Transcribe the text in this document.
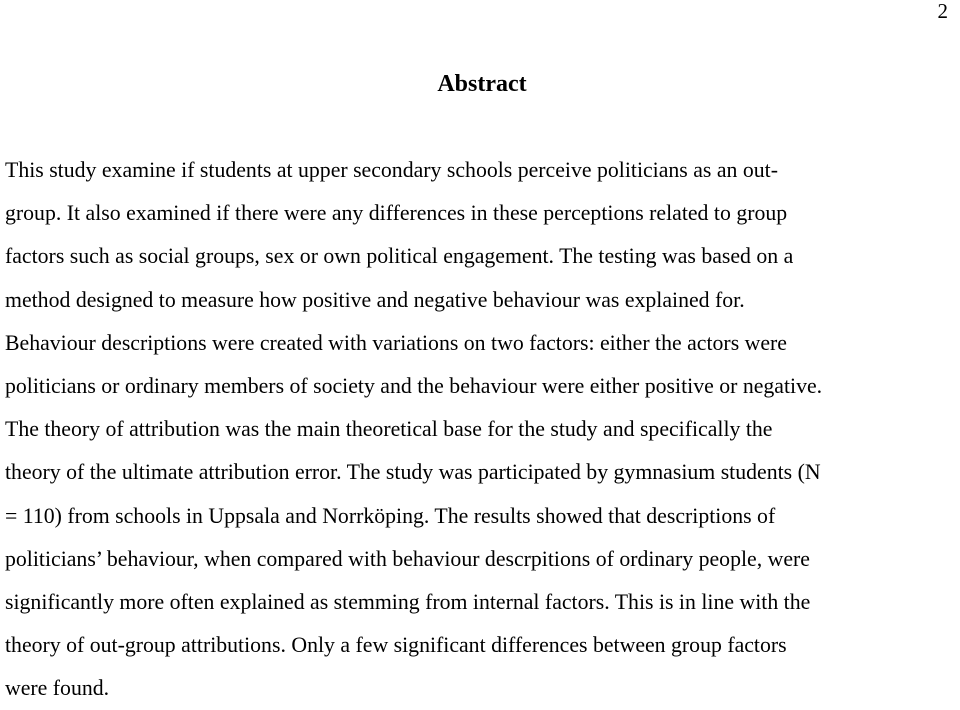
2
Abstract
This study examine if students at upper secondary schools perceive politicians as an out-
group. It also examined if there were any differences in these perceptions related to group
factors such as social groups, sex or own political engagement. The testing was based on a
method designed to measure how positive and negative behaviour was explained for.
Behaviour descriptions were created with variations on two factors: either the actors were
politicians or ordinary members of society and the behaviour were either positive or negative.
The theory of attribution was the main theoretical base for the study and specifically the
theory of the ultimate attribution error. The study was participated by gymnasium students (N
= 110) from schools in Uppsala and Norrköping. The results showed that descriptions of
politicians’ behaviour, when compared with behaviour descrpitions of ordinary people, were
significantly more often explained as stemming from internal factors. This is in line with the
theory of out-group attributions. Only a few significant differences between group factors
were found.
